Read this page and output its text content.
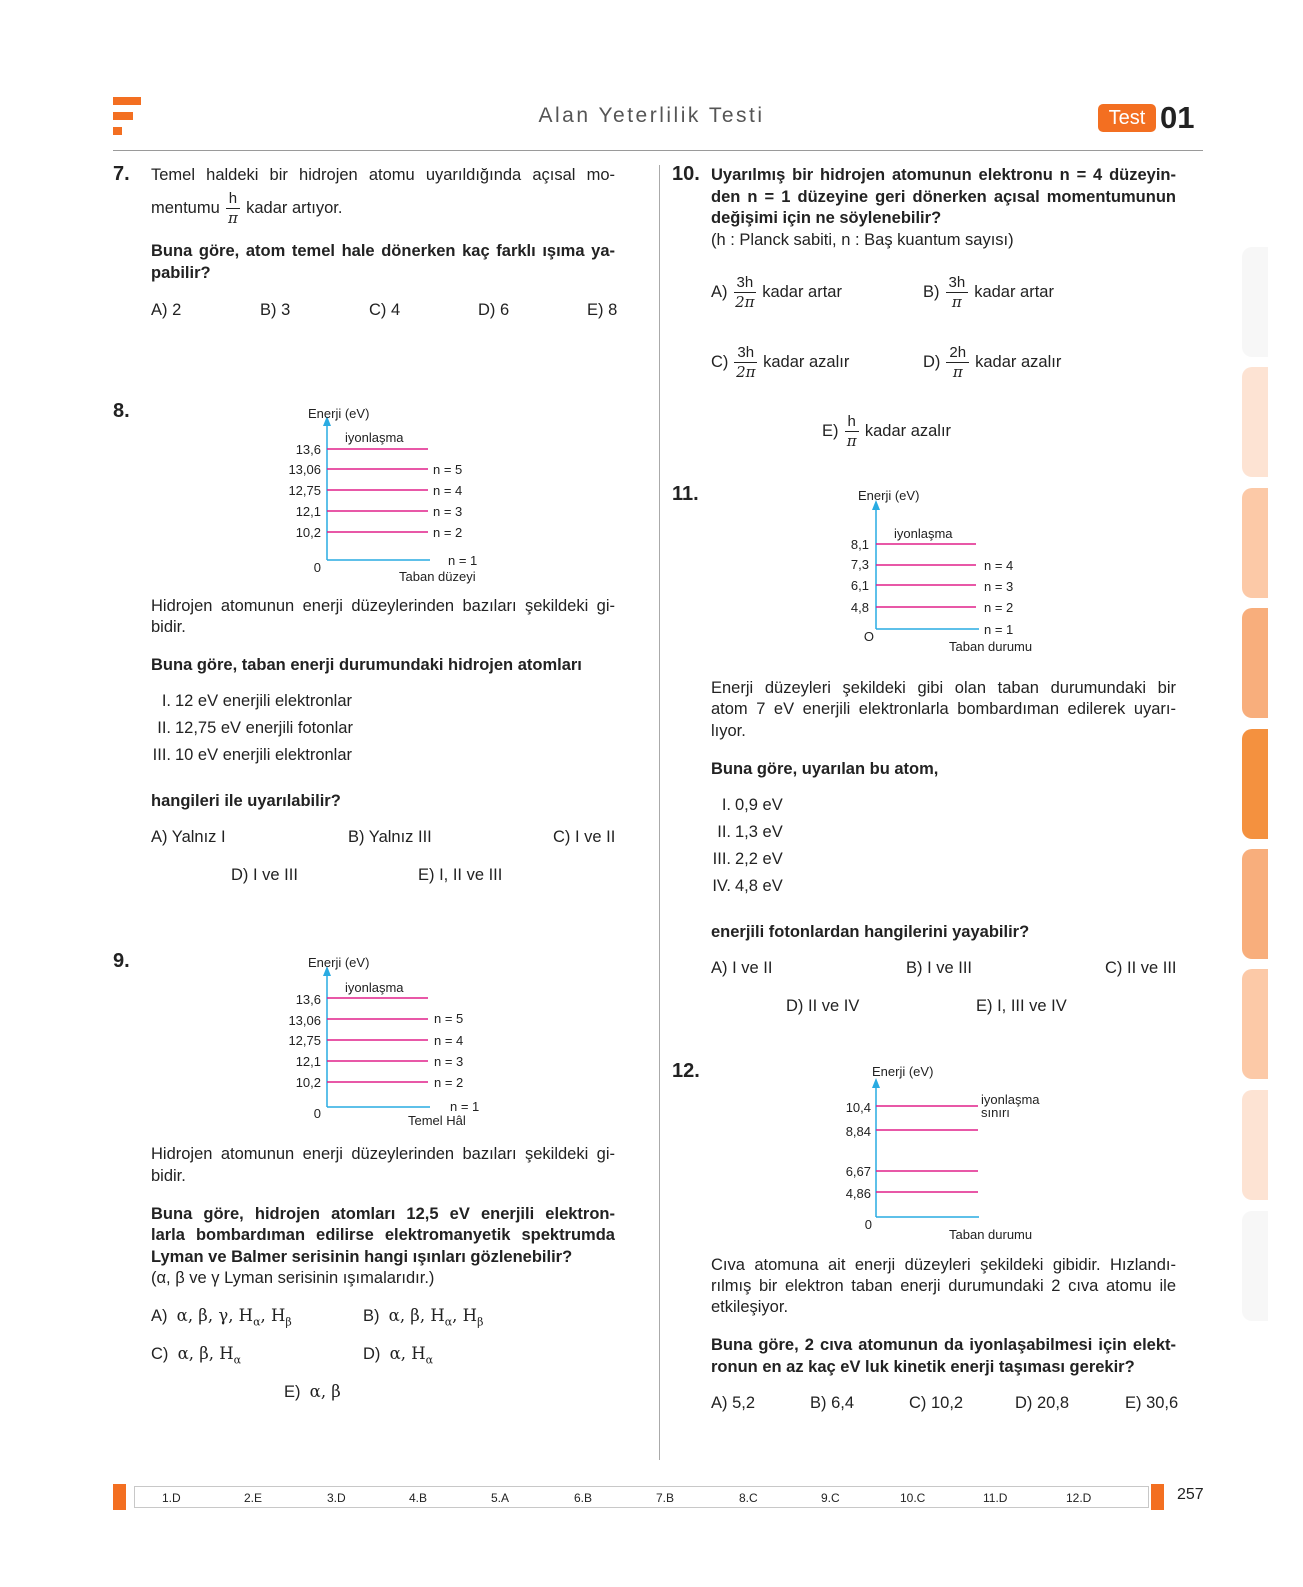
Alan Yeterlilik Testi	Test 01
7. Temel haldeki bir hidrojen atomu uyarıldığında açısal mo-
mentumu $\frac{h}{\pi}$ kadar artıyor.
Buna göre, atom temel hale dönerken kaç farklı ışıma ya-
pabilir?
A) 2	B) 3	C) 4	D) 6	E) 8
8.	Enerji (eV)
iyonlaşma
13,6
13,06
12,75
12,1
10,2
0
n = 5
n = 4
n = 3
n = 2
n = 1
Taban düzeyi
Hidrojen atomunun enerji düzeylerinden bazıları şekildeki gi-
bidir.
Buna göre, taban enerji durumundaki hidrojen atomları
I. 12 eV enerjili elektronlar
II. 12,75 eV enerjili fotonlar
III. 10 eV enerjili elektronlar
hangileri ile uyarılabilir?
A) Yalnız I	B) Yalnız III	C) I ve II
D) I ve III	E) I, II ve III
9.	Enerji (eV)
iyonlaşma
13,6
13,06
12,75
12,1
10,2
0
n = 5
n = 4
n = 3
n = 2
n = 1
Temel Hâl
Hidrojen atomunun enerji düzeylerinden bazıları şekildeki gi-
bidir.
Buna göre, hidrojen atomları 12,5 eV enerjili elektron-
larla bombardıman edilirse elektromanyetik spektrumda
Lyman ve Balmer serisinin hangi ışınları gözlenebilir?
(α, β ve γ Lyman serisinin ışımalarıdır.)
A) α, β, γ, $H_\alpha$, $H_\beta$	B) α, β, $H_\alpha$, $H_\beta$
C) α, β, $H_\alpha$	D) α, $H_\alpha$
E) α, β
10. Uyarılmış bir hidrojen atomunun elektronu n = 4 düzeyin-
den n = 1 düzeyine geri dönerken açısal momentumunun
değişimi için ne söylenebilir?
(h : Planck sabiti, n : Baş kuantum sayısı)
$A) \frac{3h}{2\pi}$ kadar artar	$B) \frac{3h}{\pi}$ kadar artar
$C) \frac{3h}{2\pi}$ kadar azalır	$D) \frac{2h}{\pi}$ kadar azalır
$E) \frac{h}{\pi}$ kadar azalır
11.	Enerji (eV)
iyonlaşma
8,1
7,3
6,1
4,8
O
n = 4
n = 3
n = 2
n = 1
Taban durumu
Enerji düzeyleri şekildeki gibi olan taban durumundaki bir
atom 7 eV enerjili elektronlarla bombardıman edilerek uyarı-
lıyor.
Buna göre, uyarılan bu atom,
I. 0,9 eV
II. 1,3 eV
III. 2,2 eV
IV. 4,8 eV
enerjili fotonlardan hangilerini yayabilir?
A) I ve II	B) I ve III	C) II ve III
D) II ve IV	E) I, III ve IV
12.	Enerji (eV)
iyonlaşma
sınırı
10,4
8,84
6,67
4,86
0
Taban durumu
Cıva atomuna ait enerji düzeyleri şekildeki gibidir. Hızlandı-
rılmış bir elektron taban enerji durumundaki 2 cıva atomu ile
etkileşiyor.
Buna göre, 2 cıva atomunun da iyonlaşabilmesi için elekt-
ronun en az kaç eV luk kinetik enerji taşıması gerekir?
A) 5,2	B) 6,4	C) 10,2	D) 20,8	E) 30,6
1.D	2.E	3.D	4.B	5.A	6.B	7.B	8.C	9.C	10.C	11.D	12.D	257
